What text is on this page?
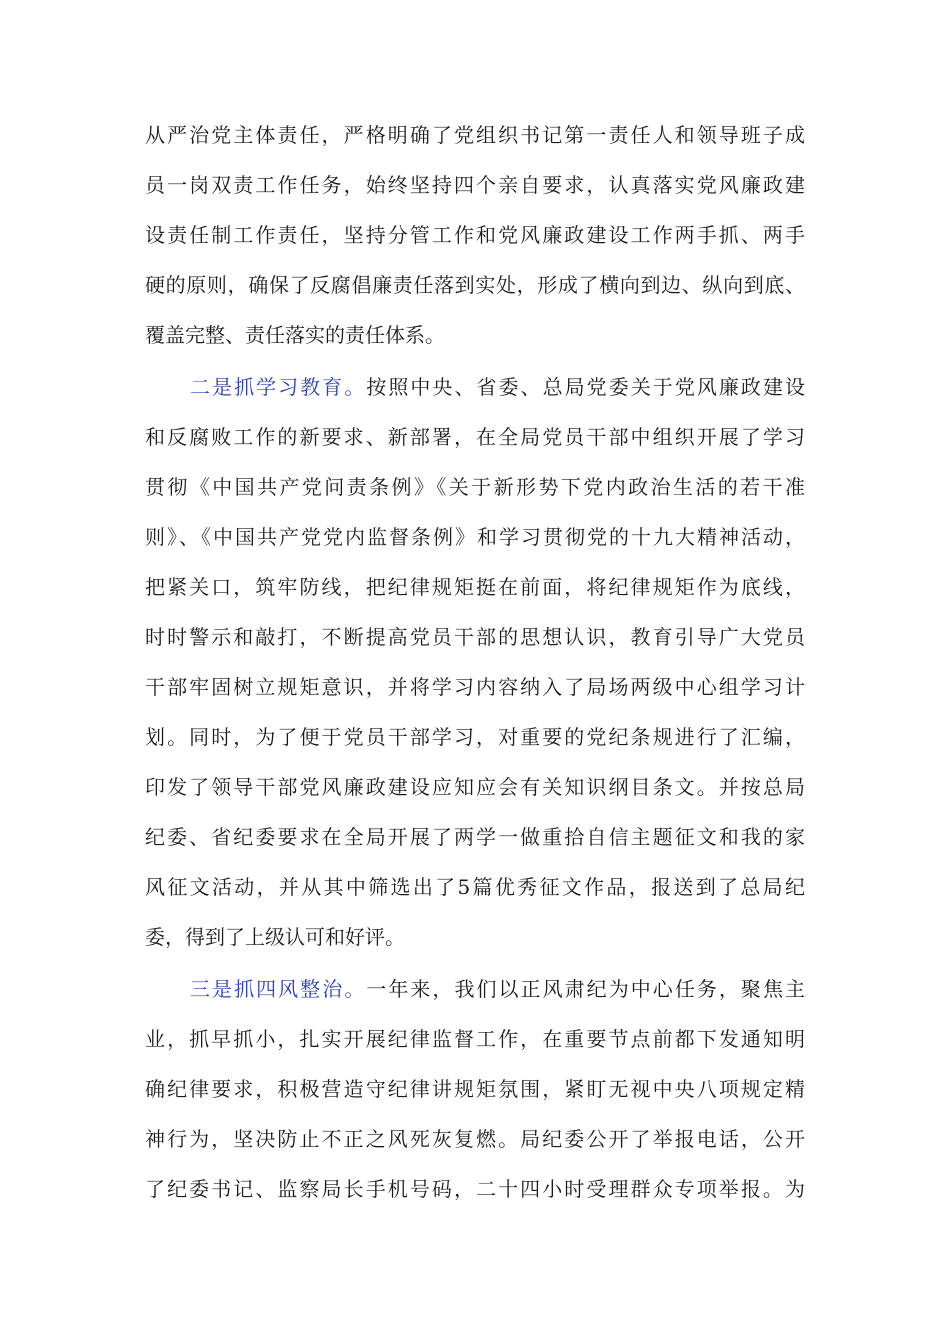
从严治党主体责任，严格明确了党组织书记第一责任人和领导班子成
员一岗双责工作任务，始终坚持四个亲自要求，认真落实党风廉政建
设责任制工作责任，坚持分管工作和党风廉政建设工作两手抓、两手
硬的原则，确保了反腐倡廉责任落到实处，形成了横向到边、纵向到底、
覆盖完整、责任落实的责任体系。
二是抓学习教育。按照中央、省委、总局党委关于党风廉政建设
和反腐败工作的新要求、新部署，在全局党员干部中组织开展了学习
贯彻《中国共产党问责条例》《关于新形势下党内政治生活的若干准
则》、《中国共产党党内监督条例》和学习贯彻党的十九大精神活动，
把紧关口，筑牢防线，把纪律规矩挺在前面，将纪律规矩作为底线，
时时警示和敲打，不断提高党员干部的思想认识，教育引导广大党员
干部牢固树立规矩意识，并将学习内容纳入了局场两级中心组学习计
划。同时，为了便于党员干部学习，对重要的党纪条规进行了汇编，
印发了领导干部党风廉政建设应知应会有关知识纲目条文。并按总局
纪委、省纪委要求在全局开展了两学一做重拾自信主题征文和我的家
风征文活动，并从其中筛选出了5篇优秀征文作品，报送到了总局纪
委，得到了上级认可和好评。
三是抓四风整治。一年来，我们以正风肃纪为中心任务，聚焦主
业，抓早抓小，扎实开展纪律监督工作，在重要节点前都下发通知明
确纪律要求，积极营造守纪律讲规矩氛围，紧盯无视中央八项规定精
神行为，坚决防止不正之风死灰复燃。局纪委公开了举报电话，公开
了纪委书记、监察局长手机号码，二十四小时受理群众专项举报。为
